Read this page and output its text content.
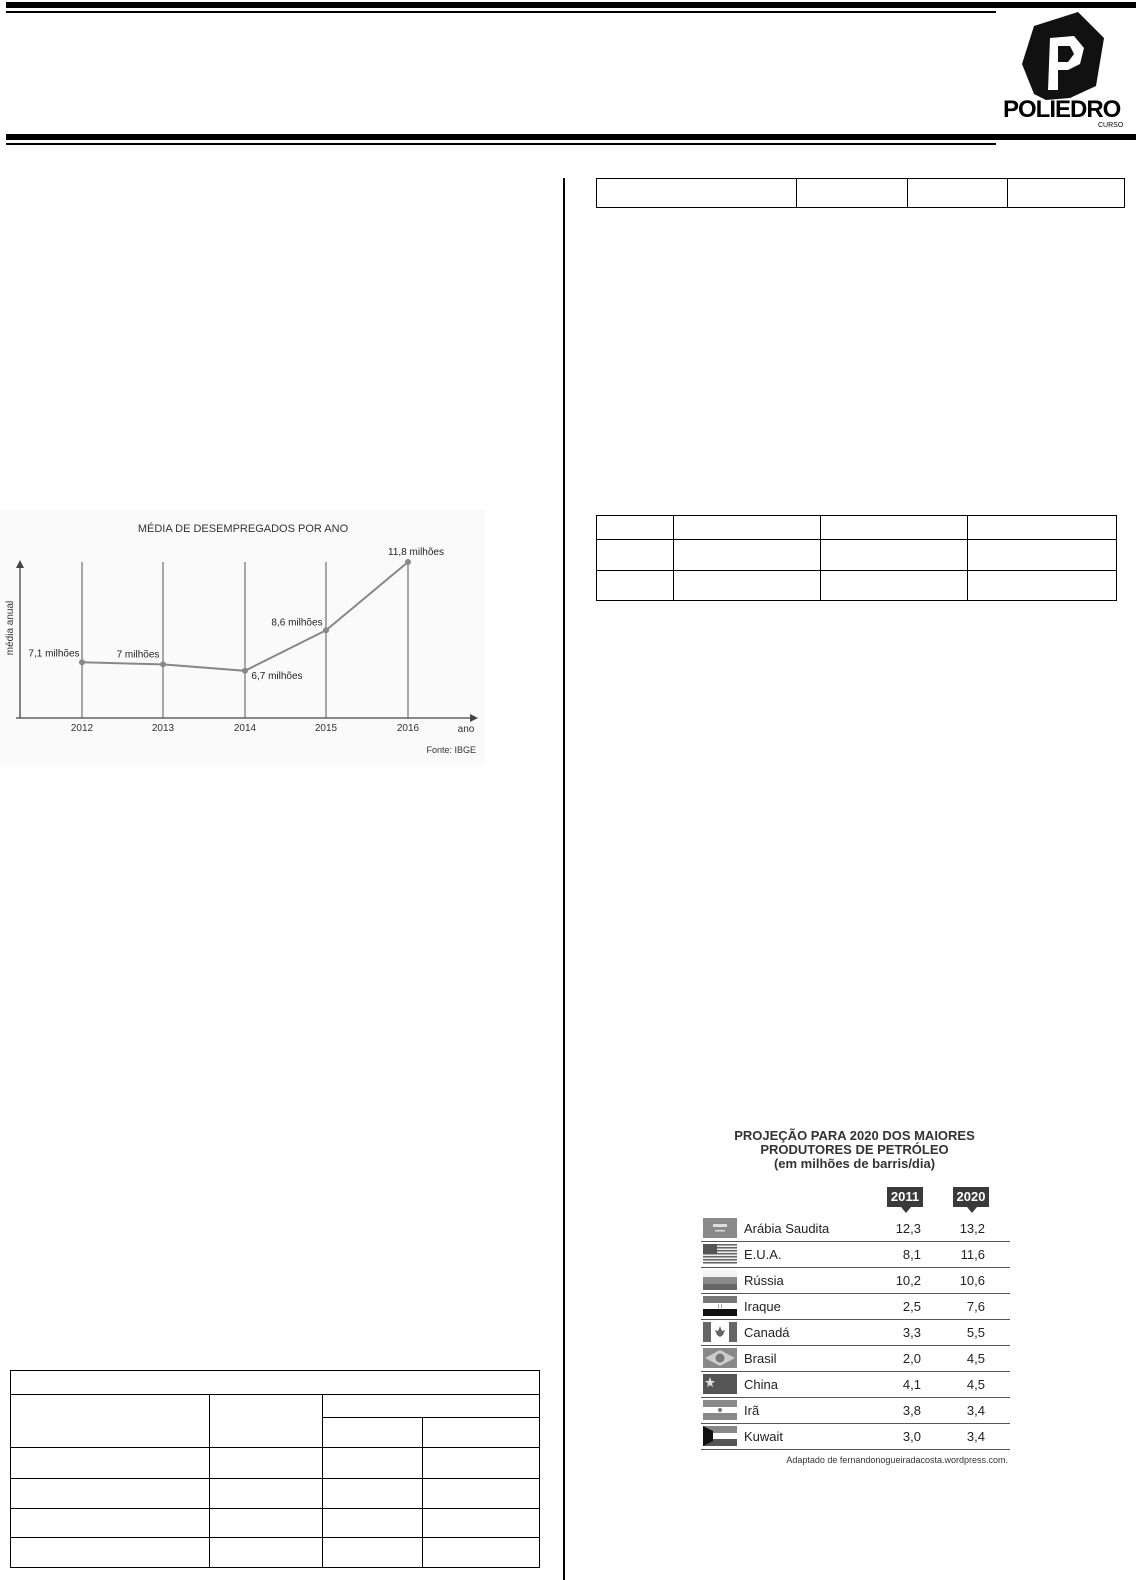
POLIEDRO
CURSO
MÉDIA DE DESEMPREGADOS POR ANO
média anual
ano
2012	2013	2014	2015	2016
7,1 milhões	7 milhões
6,7 milhões
8,6 milhões
11,8 milhões
Fonte: IBGE

PROJEÇÃO PARA 2020 DOS MAIORES
PRODUTORES DE PETRÓLEO
(em milhões de barris/dia)
2011	2020
Arábia Saudita	12,3	13,2
E.U.A.	8,1	11,6
Rússia	10,2	10,6
﴾﴿ Iraque	2,5	7,6
Canadá	3,3	5,5
Brasil	2,0	4,5
China	4,1	4,5
Irã	3,8	3,4
Kuwait	3,0	3,4
Adaptado de fernandonogueiradacosta.wordpress.com.
